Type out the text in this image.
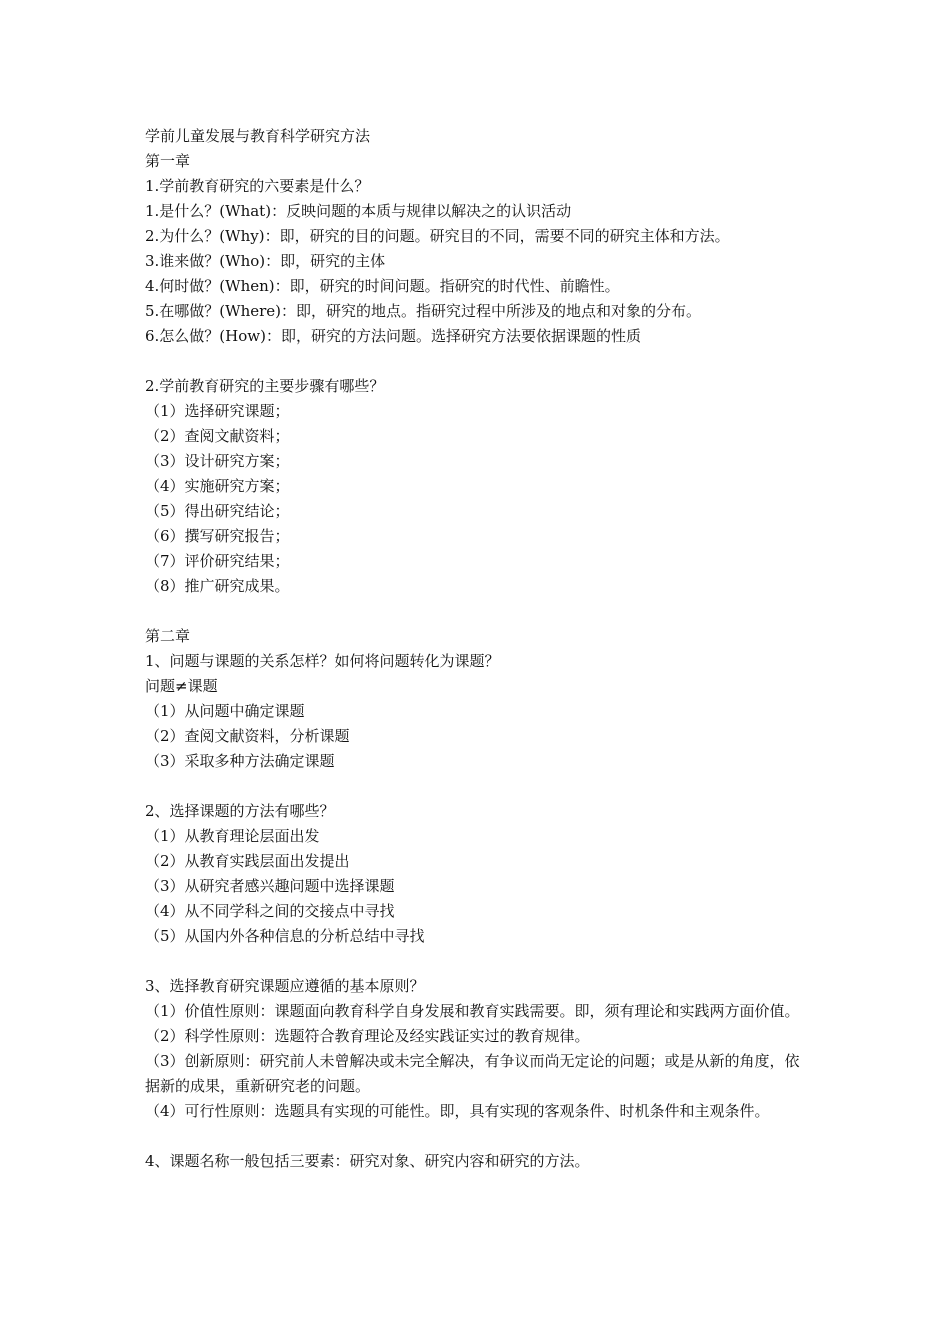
学前儿童发展与教育科学研究方法
第一章
1.学前教育研究的六要素是什么？
1.是什么？(What)：反映问题的本质与规律以解决之的认识活动
2.为什么？(Why)：即，研究的目的问题。研究目的不同，需要不同的研究主体和方法。
3.谁来做？(Who)：即，研究的主体
4.何时做？(When)：即，研究的时间问题。指研究的时代性、前瞻性。
5.在哪做？(Where)：即，研究的地点。指研究过程中所涉及的地点和对象的分布。
6.怎么做？(How)：即，研究的方法问题。选择研究方法要依据课题的性质
2.学前教育研究的主要步骤有哪些？
（1）选择研究课题；
（2）查阅文献资料；
（3）设计研究方案；
（4）实施研究方案；
（5）得出研究结论；
（6）撰写研究报告；
（7）评价研究结果；
（8）推广研究成果。
第二章
1、问题与课题的关系怎样？如何将问题转化为课题？
问题≠课题
（1）从问题中确定课题
（2）查阅文献资料，分析课题
（3）采取多种方法确定课题
2、选择课题的方法有哪些？
（1）从教育理论层面出发
（2）从教育实践层面出发提出
（3）从研究者感兴趣问题中选择课题
（4）从不同学科之间的交接点中寻找
（5）从国内外各种信息的分析总结中寻找
3、选择教育研究课题应遵循的基本原则？
（1）价值性原则：课题面向教育科学自身发展和教育实践需要。即，须有理论和实践两方面价值。
（2）科学性原则：选题符合教育理论及经实践证实过的教育规律。
（3）创新原则：研究前人未曾解决或未完全解决，有争议而尚无定论的问题；或是从新的角度，依据新的成果，重新研究老的问题。
（4）可行性原则：选题具有实现的可能性。即，具有实现的客观条件、时机条件和主观条件。
4、课题名称一般包括三要素：研究对象、研究内容和研究的方法。
